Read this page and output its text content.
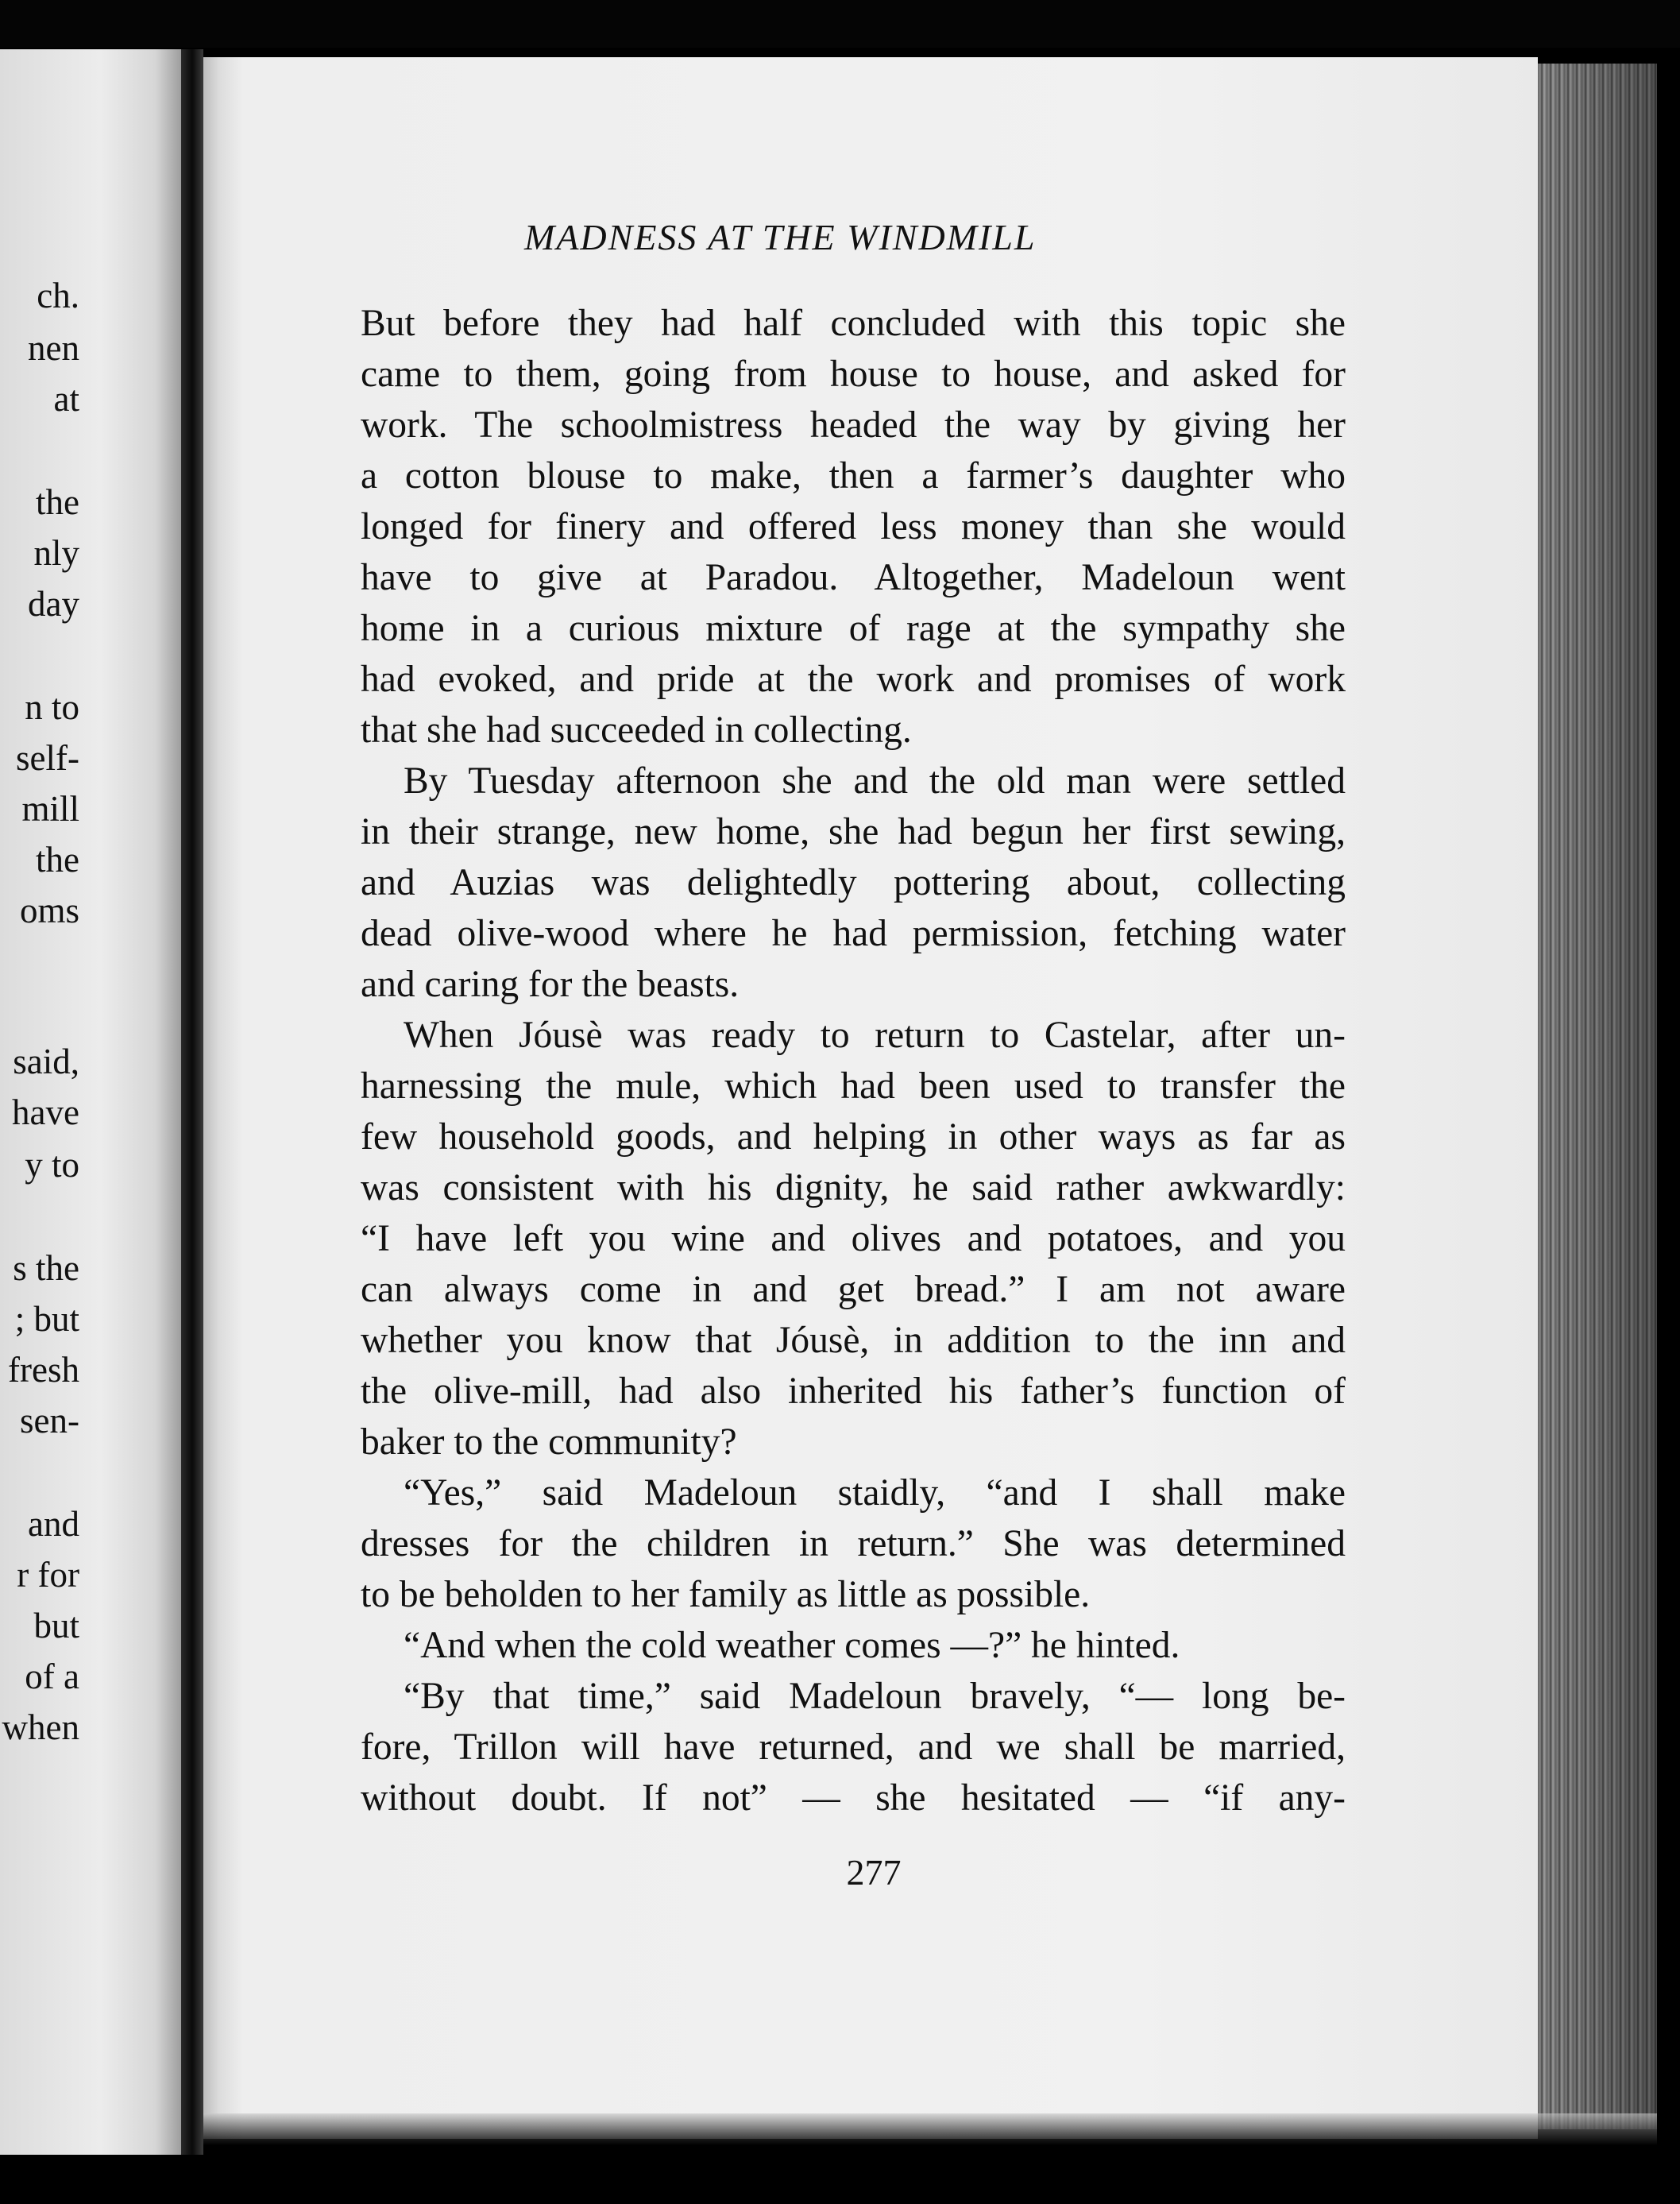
ch.
nen
at
the
nly
day
n to
self-
mill
the
oms
said,
have
y to
s the
; but
fresh
sen-
and
r for
but
of a
when
MADNESS AT THE WINDMILL
But before they had half concluded with this topic she
came to them, going from house to house, and asked for
work. The schoolmistress headed the way by giving her
a cotton blouse to make, then a farmer’s daughter who
longed for finery and offered less money than she would
have to give at Paradou. Altogether, Madeloun went
home in a curious mixture of rage at the sympathy she
had evoked, and pride at the work and promises of work
that she had succeeded in collecting.
By Tuesday afternoon she and the old man were settled
in their strange, new home, she had begun her first sewing,
and Auzias was delightedly pottering about, collecting
dead olive-wood where he had permission, fetching water
and caring for the beasts.
When Jóusè was ready to return to Castelar, after un-
harnessing the mule, which had been used to transfer the
few household goods, and helping in other ways as far as
was consistent with his dignity, he said rather awkwardly:
“I have left you wine and olives and potatoes, and you
can always come in and get bread.” I am not aware
whether you know that Jóusè, in addition to the inn and
the olive-mill, had also inherited his father’s function of
baker to the community?
“Yes,” said Madeloun staidly, “and I shall make
dresses for the children in return.” She was determined
to be beholden to her family as little as possible.
“And when the cold weather comes —?” he hinted.
“By that time,” said Madeloun bravely, “— long be-
fore, Trillon will have returned, and we shall be married,
without doubt. If not” — she hesitated — “if any-
277
